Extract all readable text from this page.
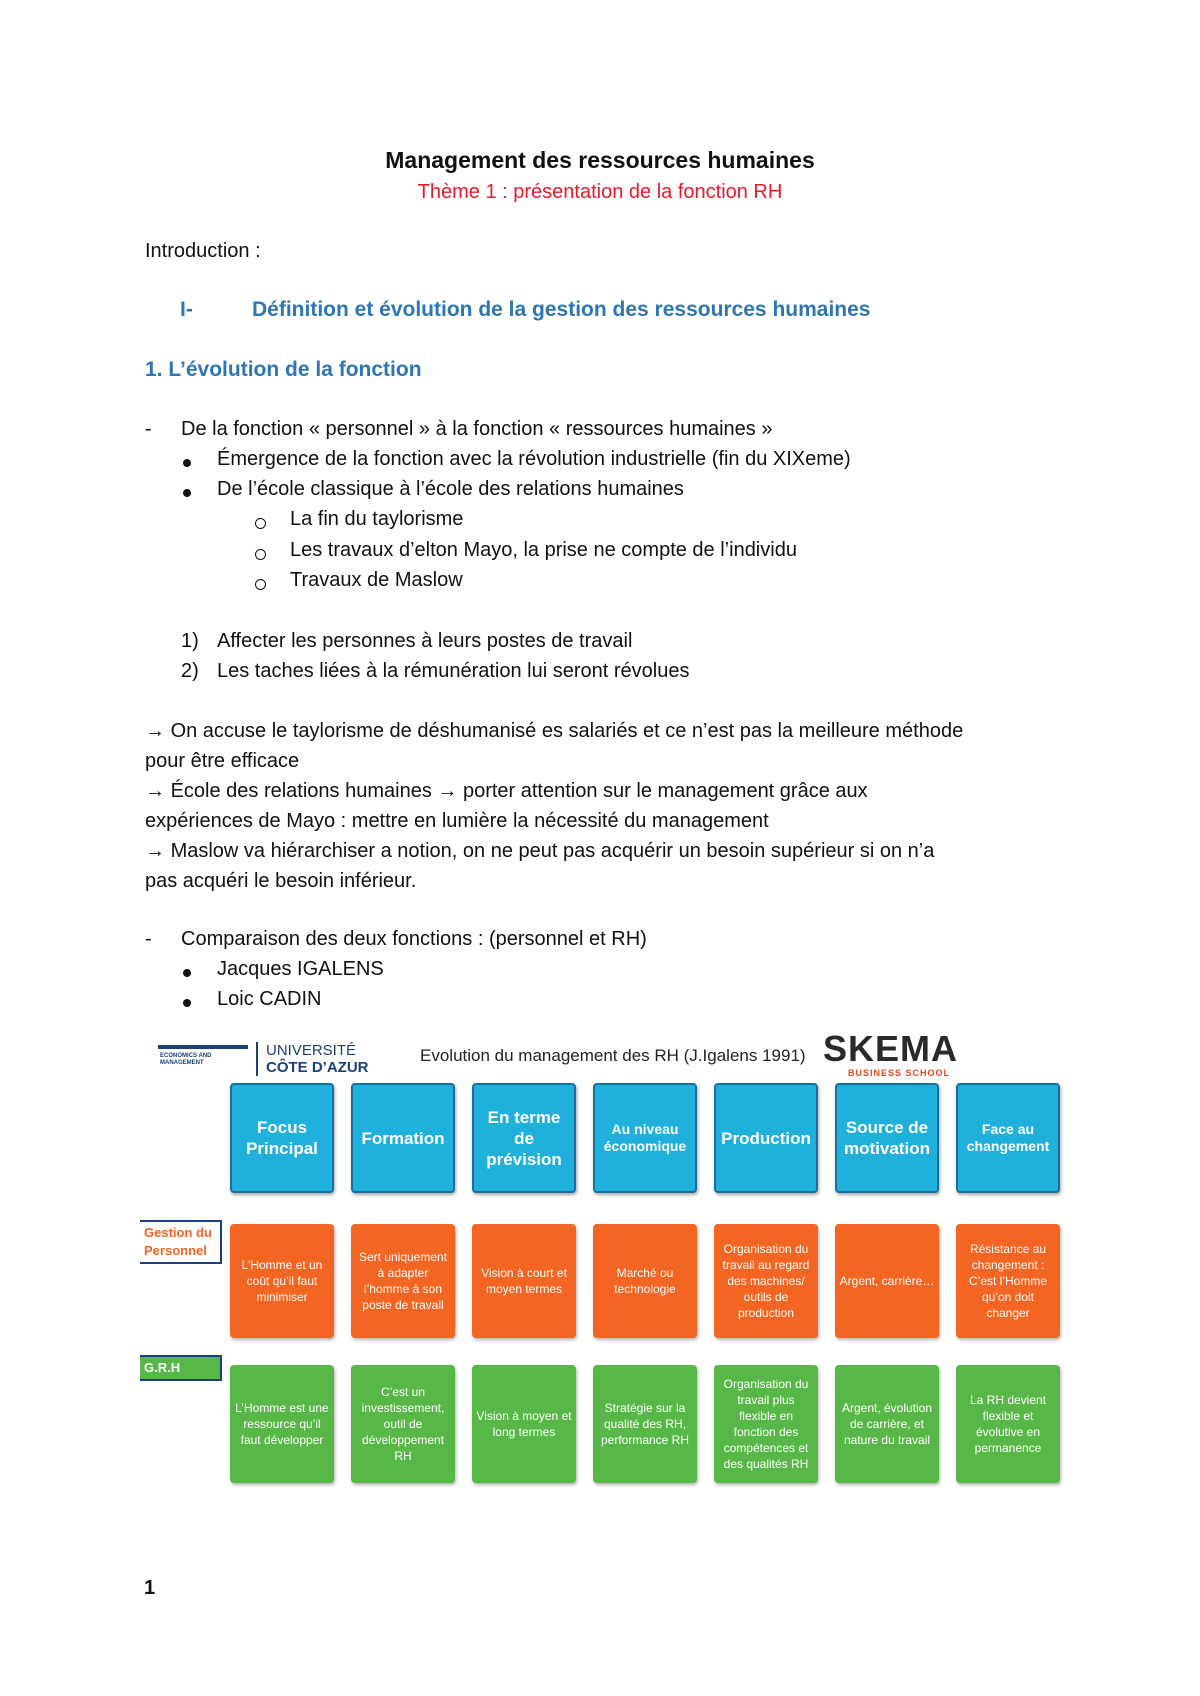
Management des ressources humaines
Thème 1 : présentation de la fonction RH
Introduction :
I-	Définition et évolution de la gestion des ressources humaines
1. L’évolution de la fonction
- De la fonction « personnel » à la fonction « ressources humaines »
Émergence de la fonction avec la révolution industrielle (fin du XIXeme)
De l’école classique à l’école des relations humaines
La fin du taylorisme
Les travaux d’elton Mayo, la prise ne compte de l’individu
Travaux de Maslow
1) Affecter les personnes à leurs postes de travail
2) Les taches liées à la rémunération lui seront révolues
→ On accuse le taylorisme de déshumanisé es salariés et ce n’est pas la meilleure méthode
pour être efficace
→ École des relations humaines → porter attention sur le management grâce aux
expériences de Mayo : mettre en lumière la nécessité du management
→ Maslow va hiérarchiser a notion, on ne peut pas acquérir un besoin supérieur si on n’a
pas acquéri le besoin inférieur.
- Comparaison des deux fonctions : (personnel et RH)
Jacques IGALENS
Loic CADIN
ECONOMICS AND
MANAGEMENT
UNIVERSITÉ
CÔTE D’AZUR
Evolution du management des RH (J.Igalens 1991) SKEMA
BUSINESS SCHOOL
Gestion du Personnel
G.R.H
Focus Principal
Formation
En terme de prévision
Au niveau économique	Production
Source de motivation
Face au changement
L’Homme et un coût qu’il faut minimiser
Sert uniquement à adapter l’homme à son poste de travail
Vision à court et moyen termes
Marché ou technologie
Organisation du travail au regard des machines/ outils de production
Argent, carrière…
Résistance au changement : C’est l’Homme qu’on doit changer
L’Homme est une ressource qu’il faut développer
C’est un investissement, outil de développement RH
Vision à moyen et long termes
Stratégie sur la qualité des RH, performance RH
Organisation du travail plus flexible en fonction des compétences et des qualités RH
Argent, évolution de carrière, et nature du travail
La RH devient flexible et évolutive en permanence
1
